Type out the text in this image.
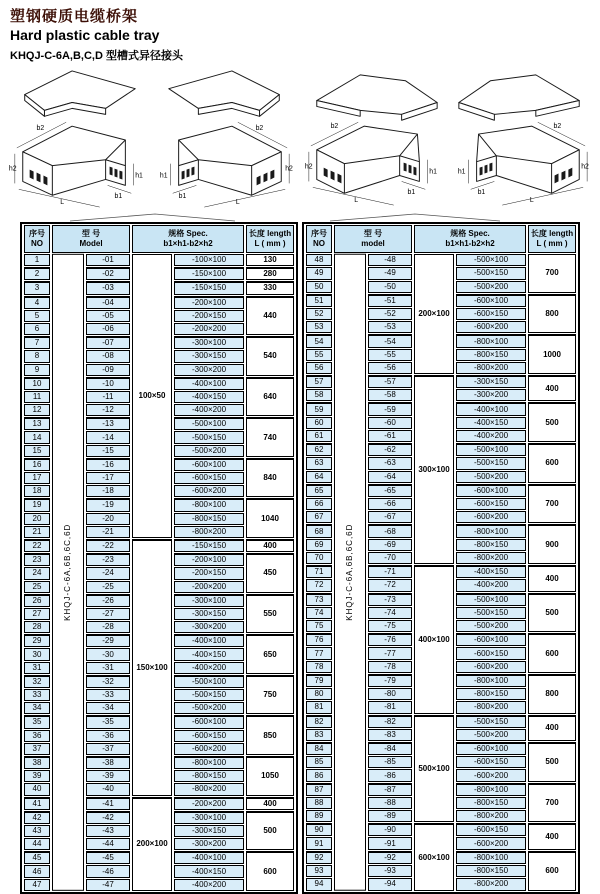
塑钢硬质电缆桥架
Hard plastic cable tray
KHQJ-C-6A,B,C,D 型槽式异径接头
b2
h2
h1
b1
L
b2
h2
h1
b1
L
b2
h2
h1
b1
L
b2
h2
h1
b1
L
序号
NO

型 号
Model

规格 Spec.
b1×h1-b2×h2

长度 length
L ( mm )

1	KHQJ-C-6A,6B,6C,6D	-01	100×50	-100×100	130
2		-02		-150×100	280
3		-03		-150×150	330
4		-04		-200×100	440
5		-05		-200×150	
6		-06		-200×200	
7		-07		-300×100	540
8		-08		-300×150	
9		-09		-300×200	
10		-10		-400×100	640
11		-11		-400×150	
12		-12		-400×200	
13		-13		-500×100	740
14		-14		-500×150	
15		-15		-500×200	
16		-16		-600×100	840
17		-17		-600×150	
18		-18		-600×200	
19		-19		-800×100	1040
20		-20		-800×150	
21		-21		-800×200	
22		-22	150×100	-150×150	400
23		-23		-200×100	450
24		-24		-200×150	
25		-25		-200×200	
26		-26		-300×100	550
27		-27		-300×150	
28		-28		-300×200	
29		-29		-400×100	650
30		-30		-400×150	
31		-31		-400×200	
32		-32		-500×100	750
33		-33		-500×150	
34		-34		-500×200	
35		-35		-600×100	850
36		-36		-600×150	
37		-37		-600×200	
38		-38		-800×100	1050
39		-39		-800×150	
40		-40		-800×200	
41		-41	200×100	-200×200	400
42		-42		-300×100	500
43		-43		-300×150	
44		-44		-300×200	
45		-45		-400×100	600
46		-46		-400×150	
47		-47		-400×200	
序号
NO

型 号
model

规格 Spec.
b1×h1-b2×h2

长度 length
L ( mm )

48	KHQJ-C-6A,6B,6C,6D	-48	200×100	-500×100	700
49		-49		-500×150	
50		-50		-500×200	
51		-51		-600×100	800
52		-52		-600×150	
53		-53		-600×200	
54		-54		-800×100	1000
55		-55		-800×150	
56		-56		-800×200	
57		-57	300×100	-300×150	400
58		-58		-300×200	
59		-59		-400×100	500
60		-60		-400×150	
61		-61		-400×200	
62		-62		-500×100	600
63		-63		-500×150	
64		-64		-500×200	
65		-65		-600×100	700
66		-66		-600×150	
67		-67		-600×200	
68		-68		-800×100	900
69		-69		-800×150	
70		-70		-800×200	
71		-71	400×100	-400×150	400
72		-72		-400×200	
73		-73		-500×100	500
74		-74		-500×150	
75		-75		-500×200	
76		-76		-600×100	600
77		-77		-600×150	
78		-78		-600×200	
79		-79		-800×100	800
80		-80		-800×150	
81		-81		-800×200	
82		-82	500×100	-500×150	400
83		-83		-500×200	
84		-84		-600×100	500
85		-85		-600×150	
86		-86		-600×200	
87		-87		-800×100	700
88		-88		-800×150	
89		-89		-800×200	
90		-90	600×100	-600×150	400
91		-91		-600×200	
92		-92		-800×100	600
93		-93		-800×150	
94		-94		-800×200	
